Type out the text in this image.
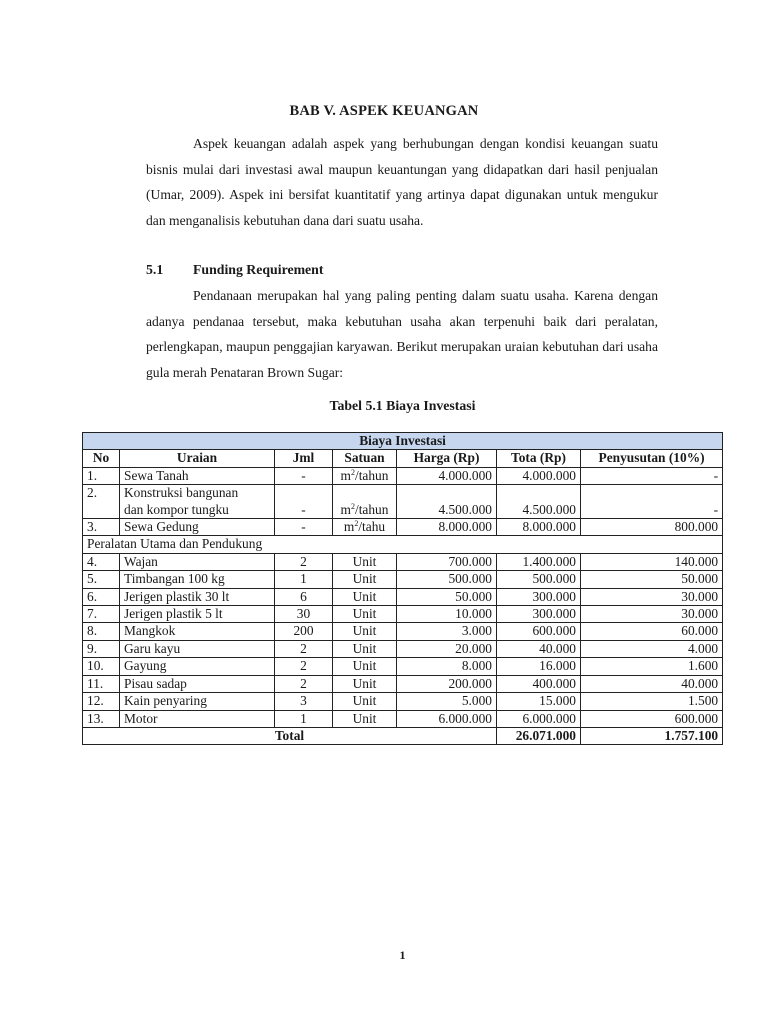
BAB V. ASPEK KEUANGAN

Aspek keuangan adalah aspek yang berhubungan dengan kondisi keuangan suatu bisnis mulai dari investasi awal maupun keuantungan yang didapatkan dari hasil penjualan (Umar, 2009). Aspek ini bersifat kuantitatif yang artinya dapat digunakan untuk mengukur dan menganalisis kebutuhan dana dari suatu usaha.

5.1 Funding Requirement

Pendanaan merupakan hal yang paling penting dalam suatu usaha. Karena dengan adanya pendanaa tersebut, maka kebutuhan usaha akan terpenuhi baik dari peralatan, perlengkapan, maupun penggajian karyawan. Berikut merupakan uraian kebutuhan dari usaha gula merah Penataran Brown Sugar:

Tabel 5.1 Biaya Investasi
Biaya Investasi						
No	Uraian	Jml	Satuan	Harga (Rp)	Tota (Rp)	Penyusutan (10%)
1.	Sewa Tanah	-	$m^2$/tahun	4.000.000	4.000.000	-
2.	Konstruksi bangunan
dan kompor tungku	-	$m^2$/tahun	4.500.000	4.500.000	-
3.	Sewa Gedung	-	$m^2$/tahu	8.000.000	8.000.000	800.000
Peralatan Utama dan Pendukung						
4.	Wajan	2	Unit	700.000	1.400.000	140.000
5.	Timbangan 100 kg	1	Unit	500.000	500.000	50.000
6.	Jerigen plastik 30 lt	6	Unit	50.000	300.000	30.000
7.	Jerigen plastik 5 lt	30	Unit	10.000	300.000	30.000
8.	Mangkok	200	Unit	3.000	600.000	60.000
9.	Garu kayu	2	Unit	20.000	40.000	4.000
10.	Gayung	2	Unit	8.000	16.000	1.600
11.	Pisau sadap	2	Unit	200.000	400.000	40.000
12.	Kain penyaring	3	Unit	5.000	15.000	1.500
13.	Motor	1	Unit	6.000.000	6.000.000	600.000
Total					26.071.000	1.757.100
1
